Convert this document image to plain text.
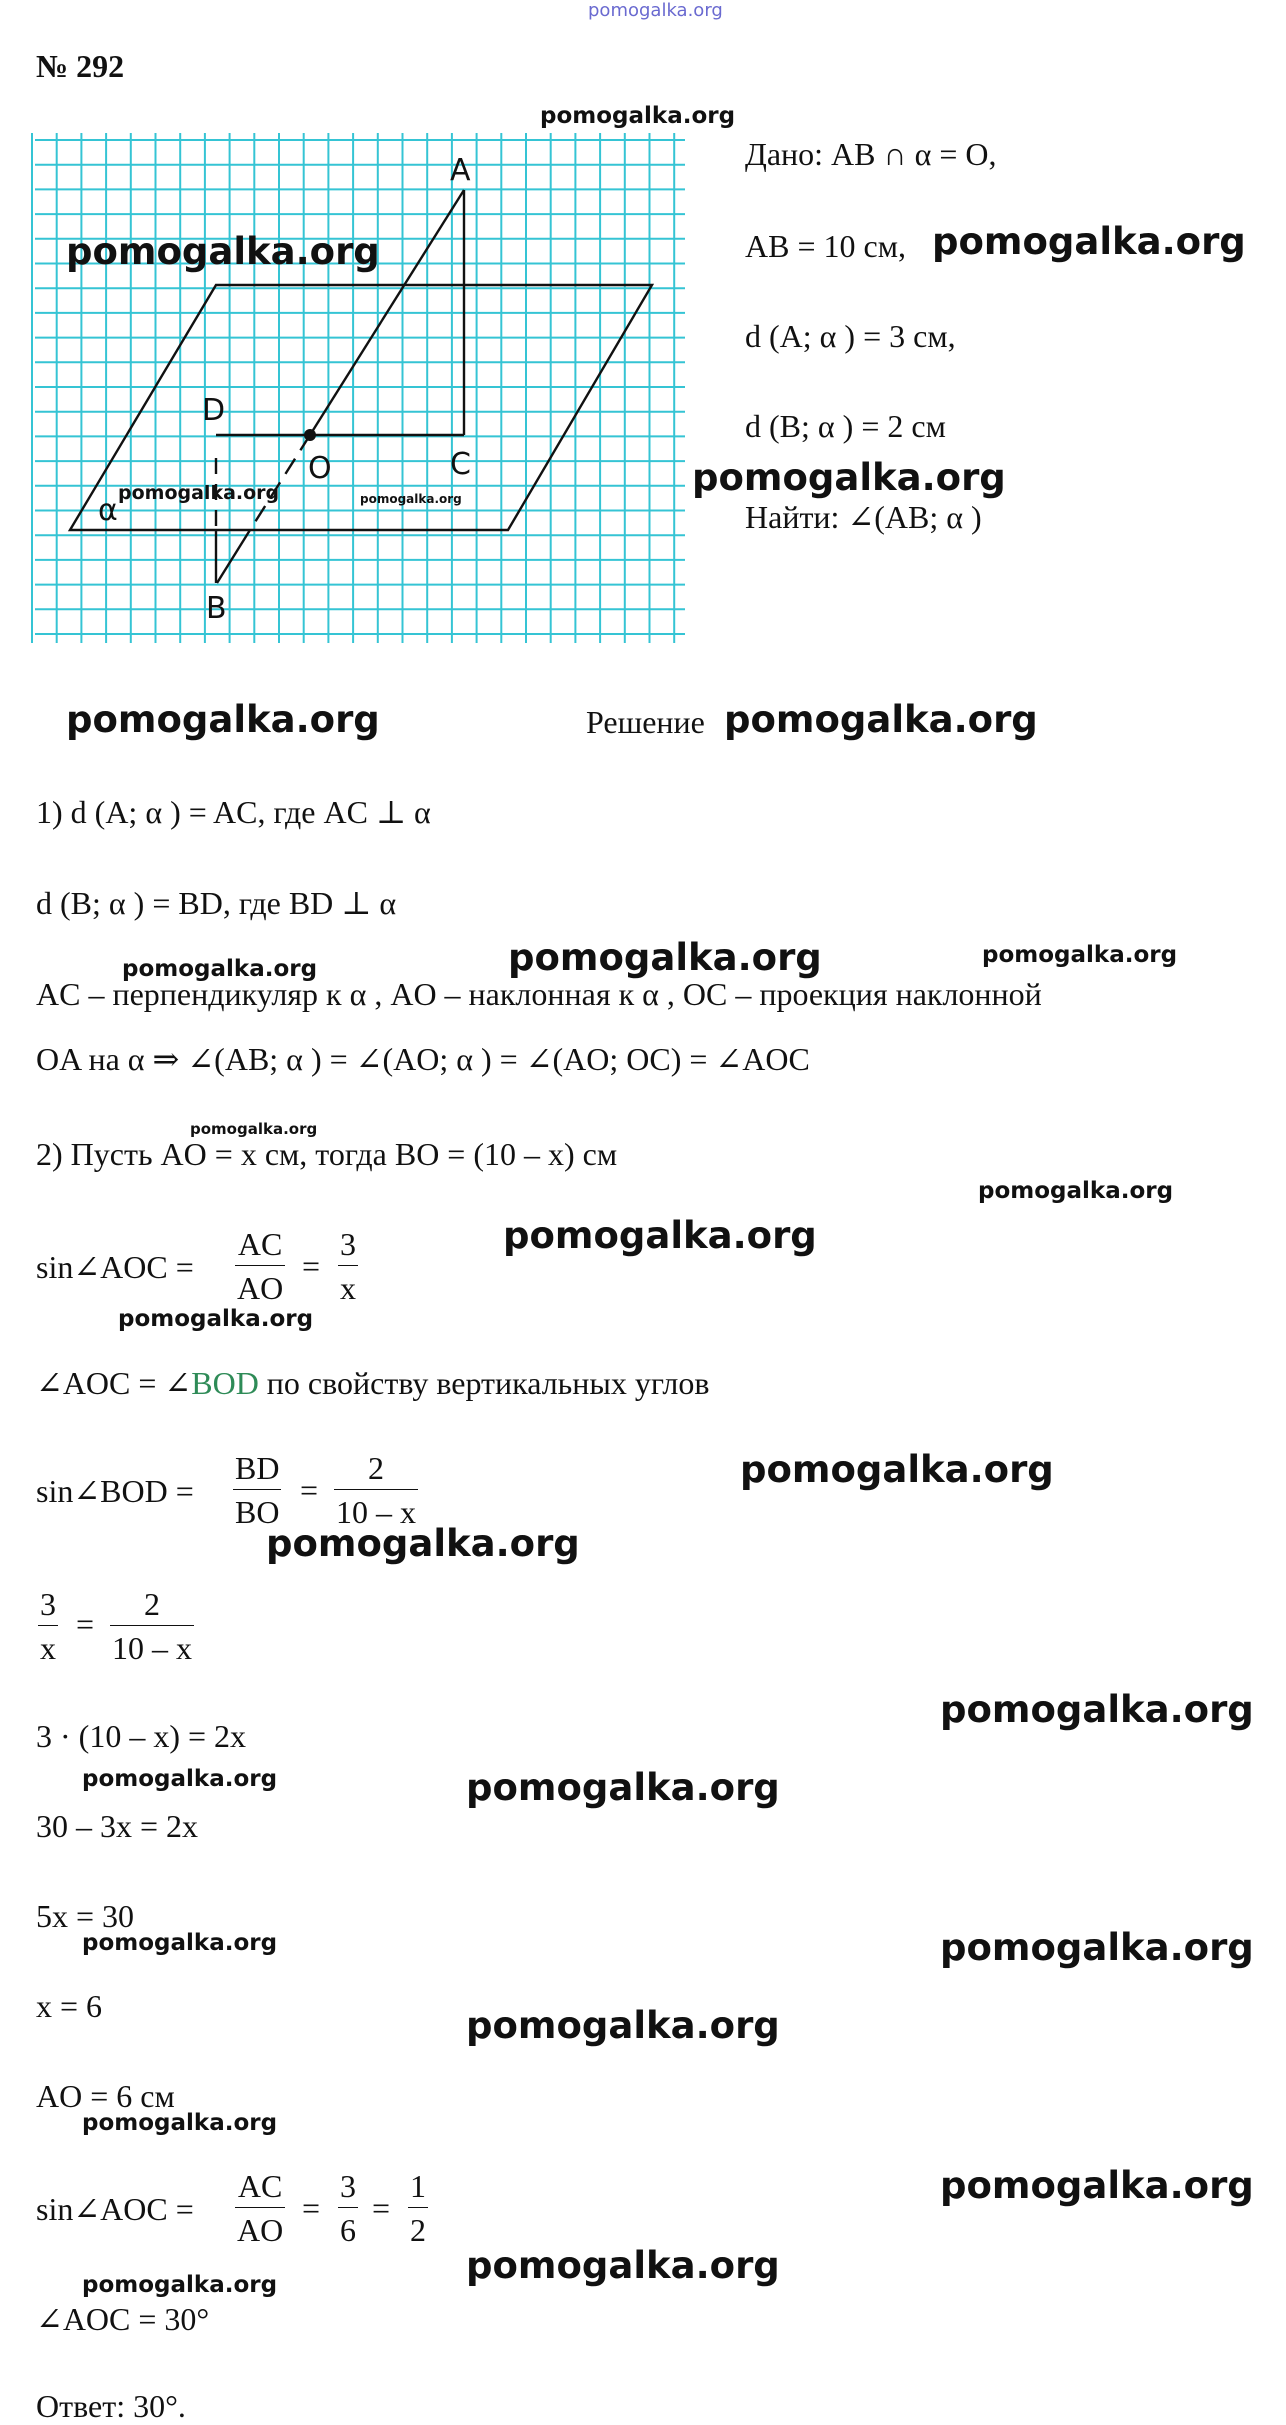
pomogalka.org
№ 292
A
C
D
O
B
α
pomogalka.org
pomogalka.org
pomogalka.org	pomogalka.org
Дано: AB ∩ α = O,
AB = 10 см, pomogalka.org
d (A; α ) = 3 см,
d (B; α ) = 2 см
pomogalka.org
Найти: ∠(AB; α )
pomogalka.org	Решение pomogalka.org
1) d (A; α ) = AC, где AC ⊥ α
d (B; α ) = BD, где BD ⊥ α
pomogalka.org	pomogalka.org	pomogalka.org
AC – перпендикуляр к α , AO – наклонная к α , OC – проекция наклонной
OA на α ⇒ ∠(AB; α ) = ∠(AO; α ) = ∠(AO; OC) = ∠AOC
pomogalka.org
2) Пусть AO = x см, тогда BO = (10 – x) см
pomogalka.org
pomogalka.org
sin∠AOC =
AC
AO
=
3
x
pomogalka.org
∠AOC = ∠BOD по свойству вертикальных углов
sin∠BOD =
BD
BO
=
2
10 – x
pomogalka.org
pomogalka.org
3
x
=
2
10 – x
pomogalka.org
3 · (10 – x) = 2x
pomogalka.org	pomogalka.org
30 – 3x = 2x
5x = 30
pomogalka.org	pomogalka.org
x = 6	pomogalka.org
AO = 6 см
pomogalka.org
pomogalka.org
sin∠AOC =
AC
AO
=
3
6
=
1
2
pomogalka.org
pomogalka.org
∠AOC = 30°
Ответ: 30°.
